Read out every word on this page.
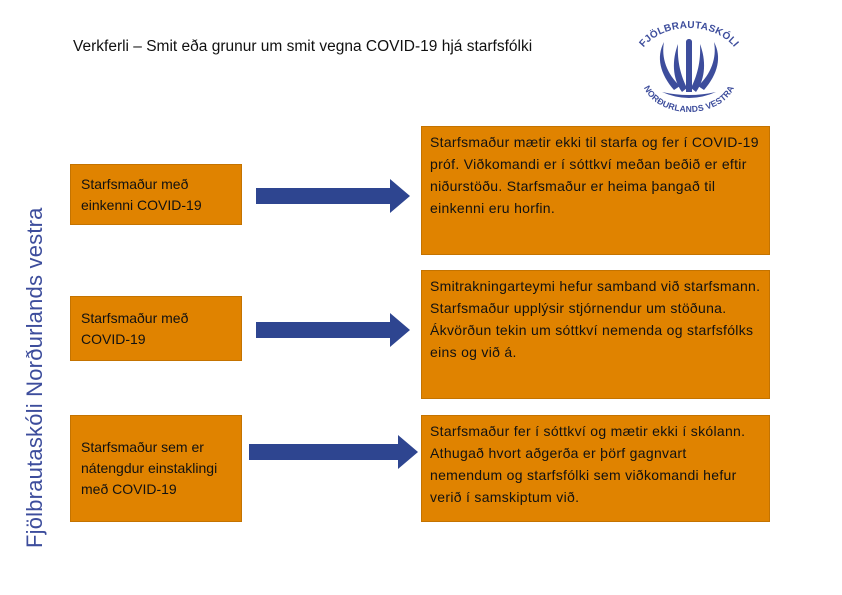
Verkferli – Smit eða grunur um smit vegna COVID-19 hjá starfsfólki
Fjölbrautaskóli Norðurlands vestra
FJÖLBRAUTASKÓLI
NORÐURLANDS VESTRA
Starfsmaður með einkenni COVID-19
Starfsmaður mætir ekki til starfa og fer í COVID-19 próf. Viðkomandi er í sóttkví meðan beðið er eftir niðurstöðu. Starfsmaður er heima þangað til einkenni eru horfin.
Starfsmaður með COVID-19
Smitrakningarteymi hefur samband við starfsmann. Starfsmaður upplýsir stjórnendur um stöðuna. Ákvörðun tekin um sóttkví nemenda og starfsfólks eins og við á.
Starfsmaður sem er nátengdur einstaklingi með COVID-19
Starfsmaður fer í sóttkví og mætir ekki í skólann. Athugað hvort aðgerða er þörf gagnvart nemendum og starfsfólki sem viðkomandi hefur verið í samskiptum við.
